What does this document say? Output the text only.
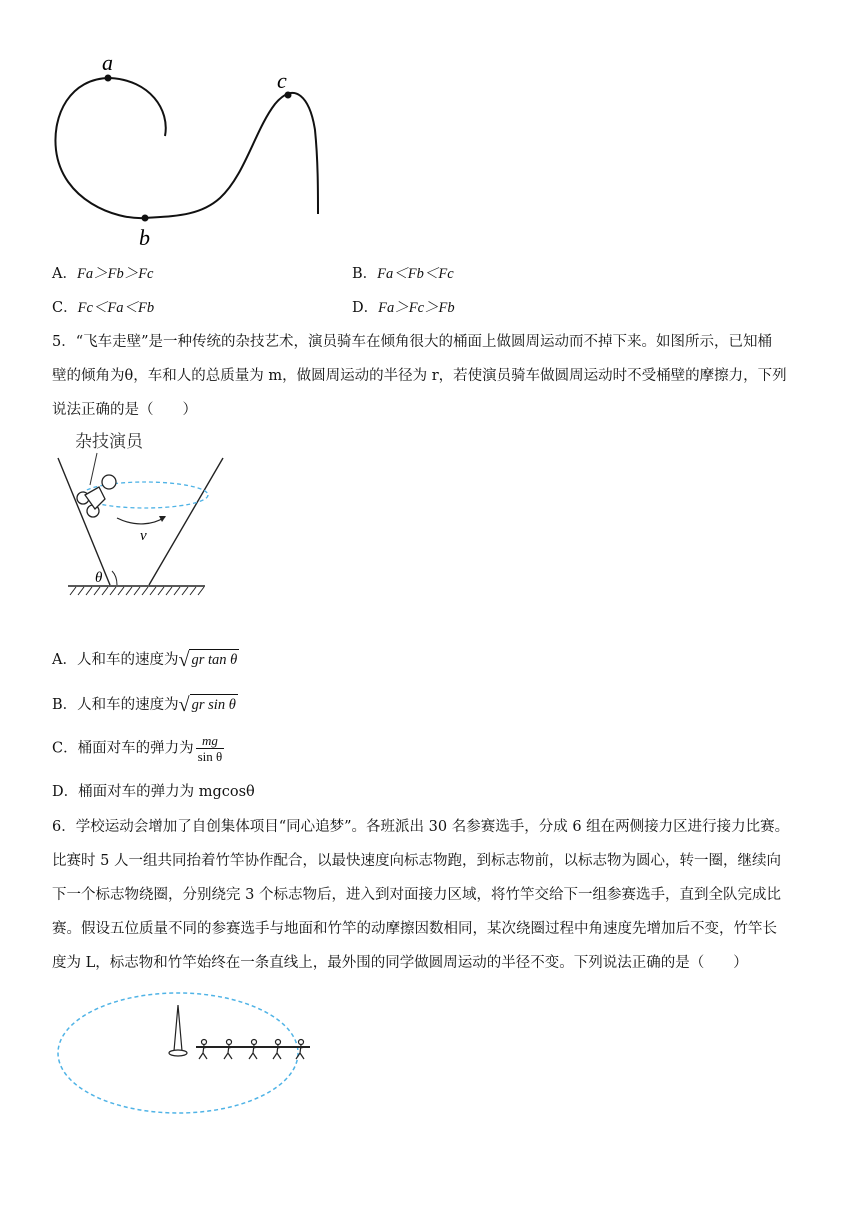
a
b
c
A．Fa＞Fb＞Fc	B．Fa＜Fb＜Fc
C．Fc＜Fa＜Fb	D．Fa＞Fc＞Fb
5．“飞车走壁”是一种传统的杂技艺术，演员骑车在倾角很大的桶面上做圆周运动而不掉下来。如图所示，已知桶
壁的倾角为θ，车和人的总质量为 m，做圆周运动的半径为 r，若使演员骑车做圆周运动时不受桶壁的摩擦力，下列
说法正确的是（　　）
杂技演员
v
θ
A．人和车的速度为 √ gr tan θ
B．人和车的速度为 √ gr sin θ
C．桶面对车的弹力为 $\frac{mg}{\text{sin θ}}$
D．桶面对车的弹力为 mgcosθ
6．学校运动会增加了自创集体项目“同心追梦”。各班派出 30 名参赛选手，分成 6 组在两侧接力区进行接力比赛。
比赛时 5 人一组共同抬着竹竿协作配合，以最快速度向标志物跑，到标志物前，以标志物为圆心，转一圈，继续向
下一个标志物绕圈，分别绕完 3 个标志物后，进入到对面接力区域，将竹竿交给下一组参赛选手，直到全队完成比
赛。假设五位质量不同的参赛选手与地面和竹竿的动摩擦因数相同，某次绕圈过程中角速度先增加后不变，竹竿长
度为 L，标志物和竹竿始终在一条直线上，最外围的同学做圆周运动的半径不变。下列说法正确的是（　　）
